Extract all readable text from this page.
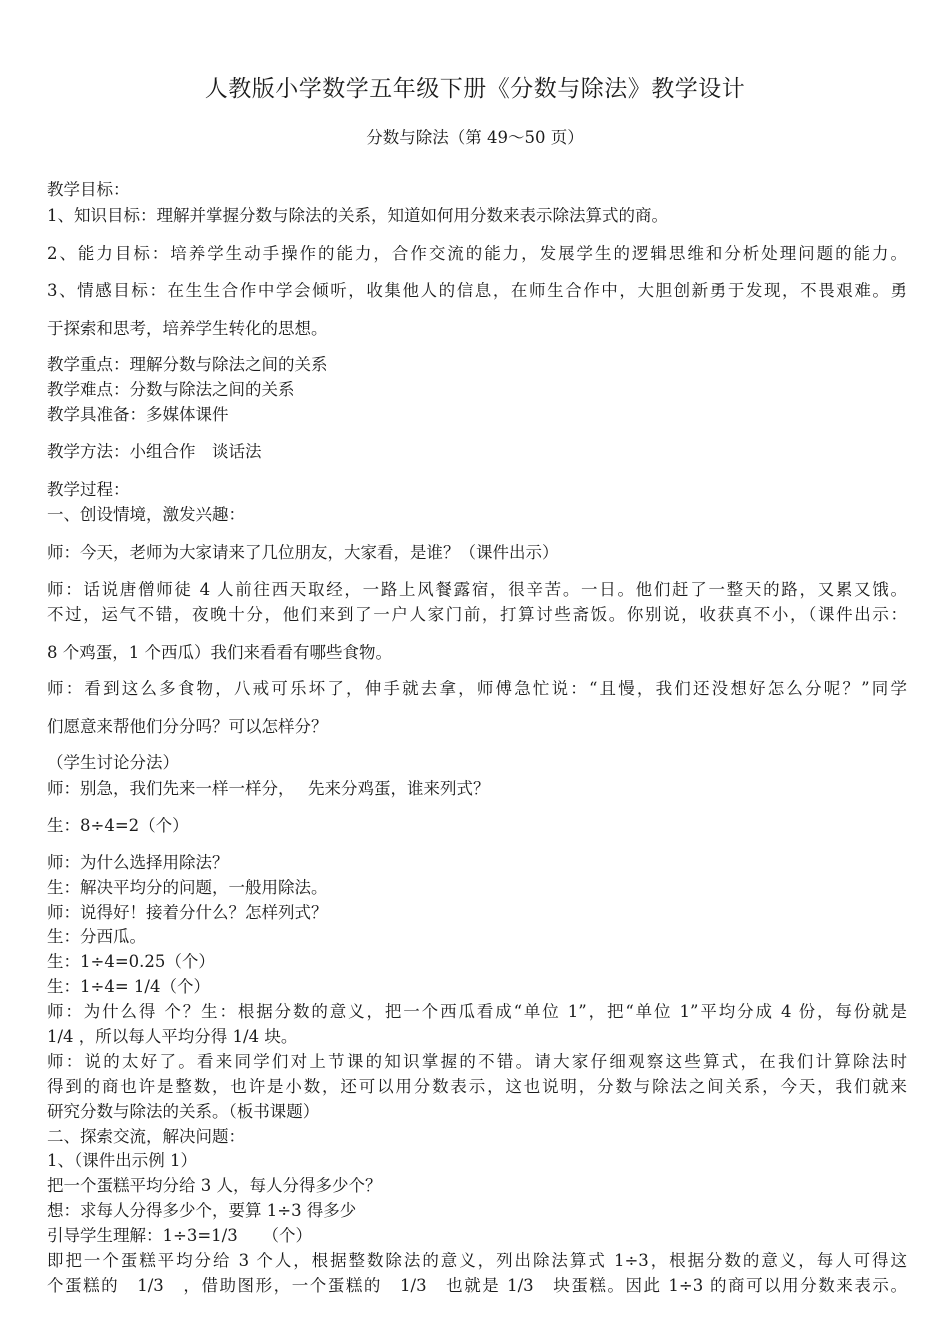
人教版小学数学五年级下册《分数与除法》教学设计
分数与除法（第 49～50 页）
教学目标：
1、知识目标：理解并掌握分数与除法的关系，知道如何用分数来表示除法算式的商。
2、能力目标：培养学生动手操作的能力，合作交流的能力，发展学生的逻辑思维和分析处理问题的能力。
3、情感目标：在生生合作中学会倾听，收集他人的信息，在师生合作中，大胆创新勇于发现，不畏艰难。勇
于探索和思考，培养学生转化的思想。
教学重点：理解分数与除法之间的关系
教学难点：分数与除法之间的关系
教学具准备：多媒体课件
教学方法：小组合作　谈话法
教学过程：
一、创设情境，激发兴趣：
师：今天，老师为大家请来了几位朋友，大家看，是谁？（课件出示）
师：话说唐僧师徒 4 人前往西天取经，一路上风餐露宿，很辛苦。一日。他们赶了一整天的路，又累又饿。
不过，运气不错，夜晚十分，他们来到了一户人家门前，打算讨些斋饭。你别说，收获真不小，（课件出示：
8 个鸡蛋，1 个西瓜）我们来看看有哪些食物。
师：看到这么多食物，八戒可乐坏了，伸手就去拿，师傅急忙说：“且慢，我们还没想好怎么分呢？”同学
们愿意来帮他们分分吗？可以怎样分？
（学生讨论分法）
师：别急，我们先来一样一样分，　 先来分鸡蛋，谁来列式？
生：8÷4=2（个）
师：为什么选择用除法？
生：解决平均分的问题，一般用除法。
师：说得好！接着分什么？怎样列式？
生：分西瓜。
生：1÷4=0.25（个）
生：1÷4= 1/4（个）
师：为什么得 个？生：根据分数的意义，把一个西瓜看成“单位 1”，把“单位 1”平均分成 4 份，每份就是
1/4 ，所以每人平均分得 1/4 块。
师：说的太好了。看来同学们对上节课的知识掌握的不错。请大家仔细观察这些算式，在我们计算除法时
得到的商也许是整数，也许是小数，还可以用分数表示，这也说明，分数与除法之间关系，今天，我们就来
研究分数与除法的关系。（板书课题）
二、探索交流，解决问题：
1、（课件出示例 1）
把一个蛋糕平均分给 3 人，每人分得多少个？
想：求每人分得多少个，要算 1÷3 得多少
引导学生理解：1÷3=1/3　　（个）
即把一个蛋糕平均分给 3 个人，根据整数除法的意义，列出除法算式 1÷3，根据分数的意义，每人可得这
个蛋糕的　1/3　，借助图形，一个蛋糕的　1/3　也就是 1/3　块蛋糕。因此 1÷3 的商可以用分数来表示。
